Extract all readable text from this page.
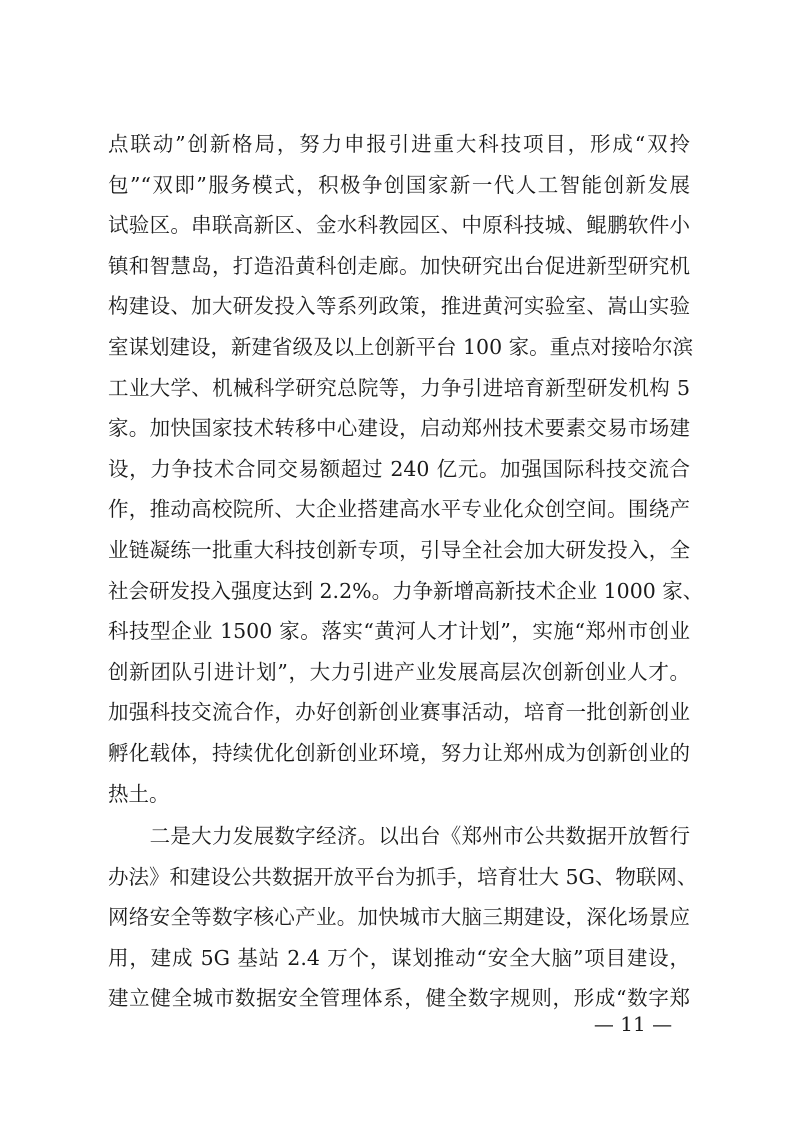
点联动”创新格局，努力申报引进重大科技项目，形成“双拎
包”“双即”服务模式，积极争创国家新一代人工智能创新发展
试验区。串联高新区、金水科教园区、中原科技城、鲲鹏软件小
镇和智慧岛，打造沿黄科创走廊。加快研究出台促进新型研究机
构建设、加大研发投入等系列政策，推进黄河实验室、嵩山实验
室谋划建设，新建省级及以上创新平台 100 家。重点对接哈尔滨
工业大学、机械科学研究总院等，力争引进培育新型研发机构 5
家。加快国家技术转移中心建设，启动郑州技术要素交易市场建
设，力争技术合同交易额超过 240 亿元。加强国际科技交流合
作，推动高校院所、大企业搭建高水平专业化众创空间。围绕产
业链凝练一批重大科技创新专项，引导全社会加大研发投入，全
社会研发投入强度达到 2.2%。力争新增高新技术企业 1000 家、
科技型企业 1500 家。落实“黄河人才计划”，实施“郑州市创业
创新团队引进计划”，大力引进产业发展高层次创新创业人才。
加强科技交流合作，办好创新创业赛事活动，培育一批创新创业
孵化载体，持续优化创新创业环境，努力让郑州成为创新创业的
热土。
　　二是大力发展数字经济。以出台《郑州市公共数据开放暂行
办法》和建设公共数据开放平台为抓手，培育壮大 5G、物联网、
网络安全等数字核心产业。加快城市大脑三期建设，深化场景应
用，建成 5G 基站 2.4 万个，谋划推动“安全大脑”项目建设，
建立健全城市数据安全管理体系，健全数字规则，形成“数字郑
— 11 —
